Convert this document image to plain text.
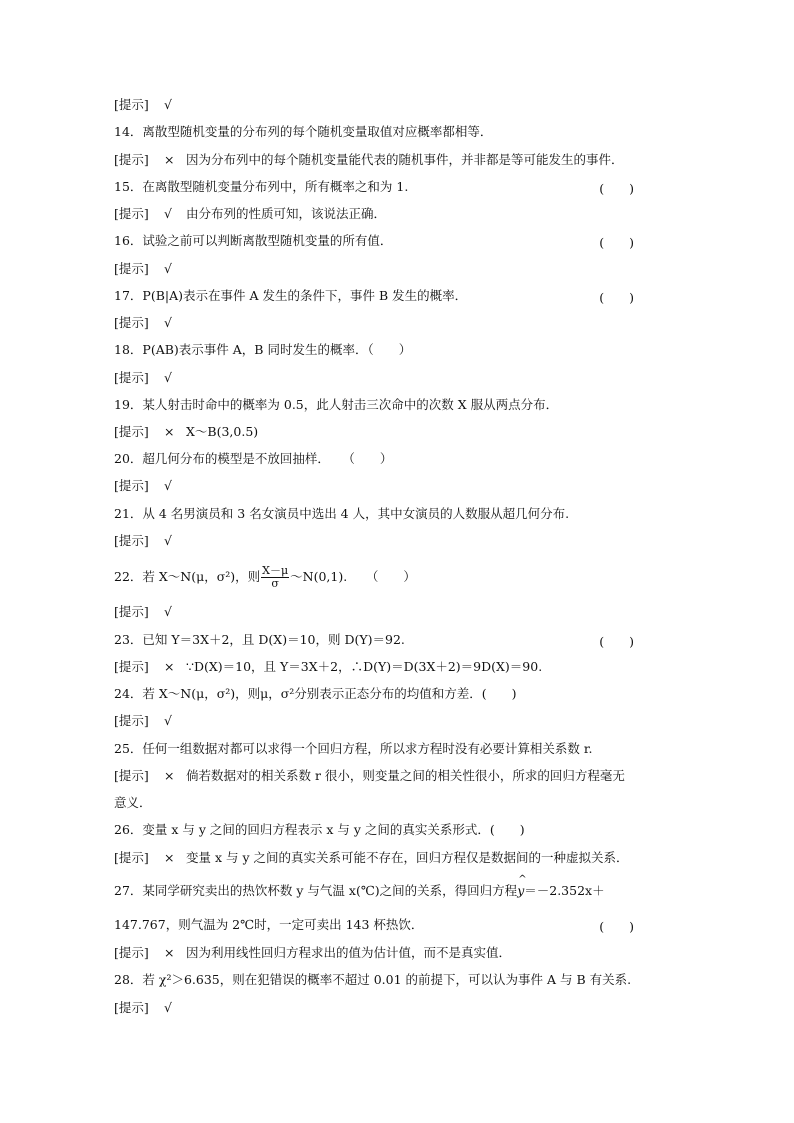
[提示] √
14．离散型随机变量的分布列的每个随机变量取值对应概率都相等．
[提示] × 因为分布列中的每个随机变量能代表的随机事件，并非都是等可能发生的事件．
15．在离散型随机变量分布列中，所有概率之和为 1.	(　　)
[提示] √ 由分布列的性质可知，该说法正确．
16．试验之前可以判断离散型随机变量的所有值．	(　　)
[提示] √
17．P(B|A)表示在事件 A 发生的条件下，事件 B 发生的概率．	(　　)
[提示] √
18．P(AB)表示事件 A，B 同时发生的概率．（　　）
[提示] √
19．某人射击时命中的概率为 0.5，此人射击三次命中的次数 X 服从两点分布．
[提示] × X～B(3,0.5)
20．超几何分布的模型是不放回抽样．　　（　　）
[提示] √
21．从 4 名男演员和 3 名女演员中选出 4 人，其中女演员的人数服从超几何分布.
[提示] √
22．若 X～N(μ，σ²)，则 $\frac{X-\mu}{\sigma}$ ～N(0,1).　　（　　）
[提示] √
23．已知 Y＝3X＋2，且 D(X)＝10，则 D(Y)＝92.	(　　)
[提示] × ∵D(X)＝10，且 Y＝3X＋2，∴D(Y)＝D(3X＋2)＝9D(X)＝90.
24．若 X～N(μ，σ²)，则μ，σ²分别表示正态分布的均值和方差．(　　)
[提示] √
25．任何一组数据对都可以求得一个回归方程，所以求方程时没有必要计算相关系数 r.
[提示] × 倘若数据对的相关系数 r 很小，则变量之间的相关性很小，所求的回归方程毫无
意义．
26．变量 x 与 y 之间的回归方程表示 x 与 y 之间的真实关系形式．(　　)
[提示] × 变量 x 与 y 之间的真实关系可能不存在，回归方程仅是数据间的一种虚拟关系．
27．某同学研究卖出的热饮杯数 y 与气温 x(℃)之间的关系，得回归方程^ y＝－2.352x＋
147.767，则气温为 2℃时，一定可卖出 143 杯热饮．	(　　)
[提示] × 因为利用线性回归方程求出的值为估计值，而不是真实值．
28．若 χ²＞6.635，则在犯错误的概率不超过 0.01 的前提下，可以认为事件 A 与 B 有关系.
[提示] √
